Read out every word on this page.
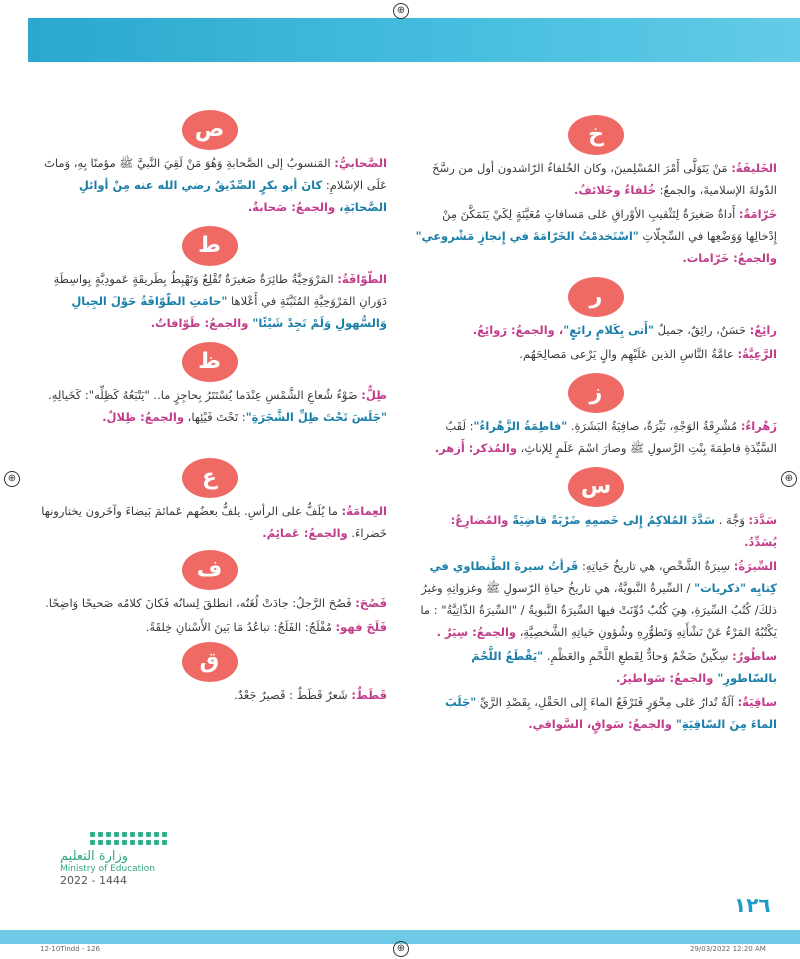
⊕
⊕	⊕
خ
الخَليفَةُ: مَنْ يَتَوَلَّى أَمْرَ المُسْلِمينَ، وكان الخُلفاءُ الرّاشدون أول من رسَّخَ الدّولةَ الإسلاميةَ، والجمعُ: خُلفاءُ وخَلائفُ.
خَرّامَةٌ: أَداةٌ صَغيرَةٌ لِتَثْقيبِ الأوْراقِ عَلى مَسافاتٍ مُعَيَّنَةٍ لِكَيْ يَتَمَكَّنَ مِنْ إِدْخالِها وَوَضْعِها في السِّجِلّاتِ "اسْتَخدمْتُ الخَرّامَةَ في إِنجازِ مَشْروعي" والجمعُ: خَرّامات.
ر
رائِعٌ: حَسَنٌ، رائِقٌ، جميلٌ "أَتى بِكَلامٍ رائعٍ"، والجمعُ: رَوائِعُ.
الرَّعِيَّةُ: عامَّةُ النَّاسِ الذين عَلَيْهِم والٍ يَرْعى مَصالِحَهُم.
ز
زَهْراءُ: مُشْرِقَةُ الوَجْهِ، نَيِّرَةٌ، صافِيَةُ البَشَرَةِ. "فاطِمَةُ الزَّهْراءُ": لَقَبُ السَّيِّدَةِ فاطِمَةَ بِنْتِ الرَّسولِ ﷺ وصارَ اسْمَ عَلَمٍ لِلإناثِ، والمُذكر: أَزهر.
س
سَدَّدَ: وَجَّهَ . سَدَّدَ المُلاكِمُ إِلى خَصمِهِ ضَرْبَةً قاضِيَةً والمُضارِعُ: يُسَدِّدُ.
السِّيرَةُ: سِيرَةُ الشَّخْصِ، هي تاريخُ حَياتِهِ: قَرأتُ سيرةَ الطَّنطاوي في كِتابِه "ذكريات" / السِّيرةُ النَّبويَّةُ، هي تاريخُ حياةِ الرّسولِ ﷺ وغزواتِهِ وغيرُ ذلكَ/ كُتُبُ السِّيرَةِ، هِيَ كُتُبٌ دُوِّنَتْ فيها السِّيرَةُ النَّبويةُ / "السِّيرَةُ الذّاتِيَّةُ" : ما يَكْتُبُهُ المَرْءُ عَنْ نَشْأَتِهِ وَتَطوُّرِهِ وشُؤونِ حَياتِهِ الشَّخصِيَّةِ، والجمعُ: سِيَرٌ .
ساطُورٌ: سِكّينٌ ضَخْمٌ وَحادٌّ لِقَطعِ اللَّحْمِ والعَظْمِ. "يَقْطَعُ اللَّحْمَ بالسّاطورِ" والجمعُ: سَواطيرُ.
ساقِيَةٌ: آلَةٌ تُدارُ عَلى مِحْوَرٍ فَتَرْفَعُ الماءَ إِلى الحَقْلِ، بِقَصْدِ الرَّيِّ "جَلَبَ الماءَ مِنَ السّاقِيَةِ" والجمعُ: سَواقٍ، السَّواقي.
ص
الصَّحابيُّ: المَنسوبُ إلى الصَّحابةِ وَهُوَ مَنْ لَقِيَ النَّبيَّ ﷺ مؤمنًا بِهِ، وَماتَ عَلَى الإسْلامِ: كانَ أبو بكرٍ الصِّدّيقُ رضي الله عنه مِنْ أوائلِ الصَّحابَةِ، والجمعُ: صَحابةٌ.
ط
الطّوّافَةُ: المَرْوَحِيَّةُ طائِرَةٌ صَغيرَةٌ تُقْلِعُ وَتَهْبِطُ بِطَريقَةٍ عَمودِيَّةٍ بِواسِطَةِ دَوَرانِ المَرْوَحِيَّةِ المُثَبَّتَةِ في أَعْلاها "حامَتِ الطّوّافَةُ حَوْلَ الجِبالِ وَالسُّهولِ وَلَمْ تَجِدْ شَيْئًا" والجمعُ: طَوّافاتٌ.
ظ
ظِلٌّ: ضَوْءُ شُعاعِ الشَّمْسِ عِنْدَما يُسْتَتَرُ بِحاجِزٍ ما.. "يَتْبَعُهُ كَظِلِّه": كَخَيالِهِ. "جَلَسَ تَحْتَ ظِلِّ الشَّجَرَةِ": تَحْتَ فَيْئِها، والجمعُ: ظِلالٌ.
ع
العِمامَةُ: ما يُلَفُّ على الرأسِ. يلفُّ بعضُهم عَمائمَ بَيضاءَ وآخَرون يختارونها خَضراءَ. والجمعُ: عَمائِمُ.
ف
فَصُحَ: فَصُحَ الرَّجلُ: جادَتْ لُغَتُه، انطلقَ لِسانُه فَكانَ كلامُه صَحيحًا وَاضِحًا.
فَلَجَ فهو: مُفْلَجٌ: الفَلَجُ: تباعُدُ مَا بَينَ الأَسْنانِ خِلقَةً.
ق
قَطَطٌ: شَعرٌ قَطَطٌ : قَصيرٌ جَعْدٌ.
وزارة التعليم
Ministry of Education
2022 - 1444
١٢٦
12-10Tindd - 126	⊕	29/03/2022 12:20 AM
